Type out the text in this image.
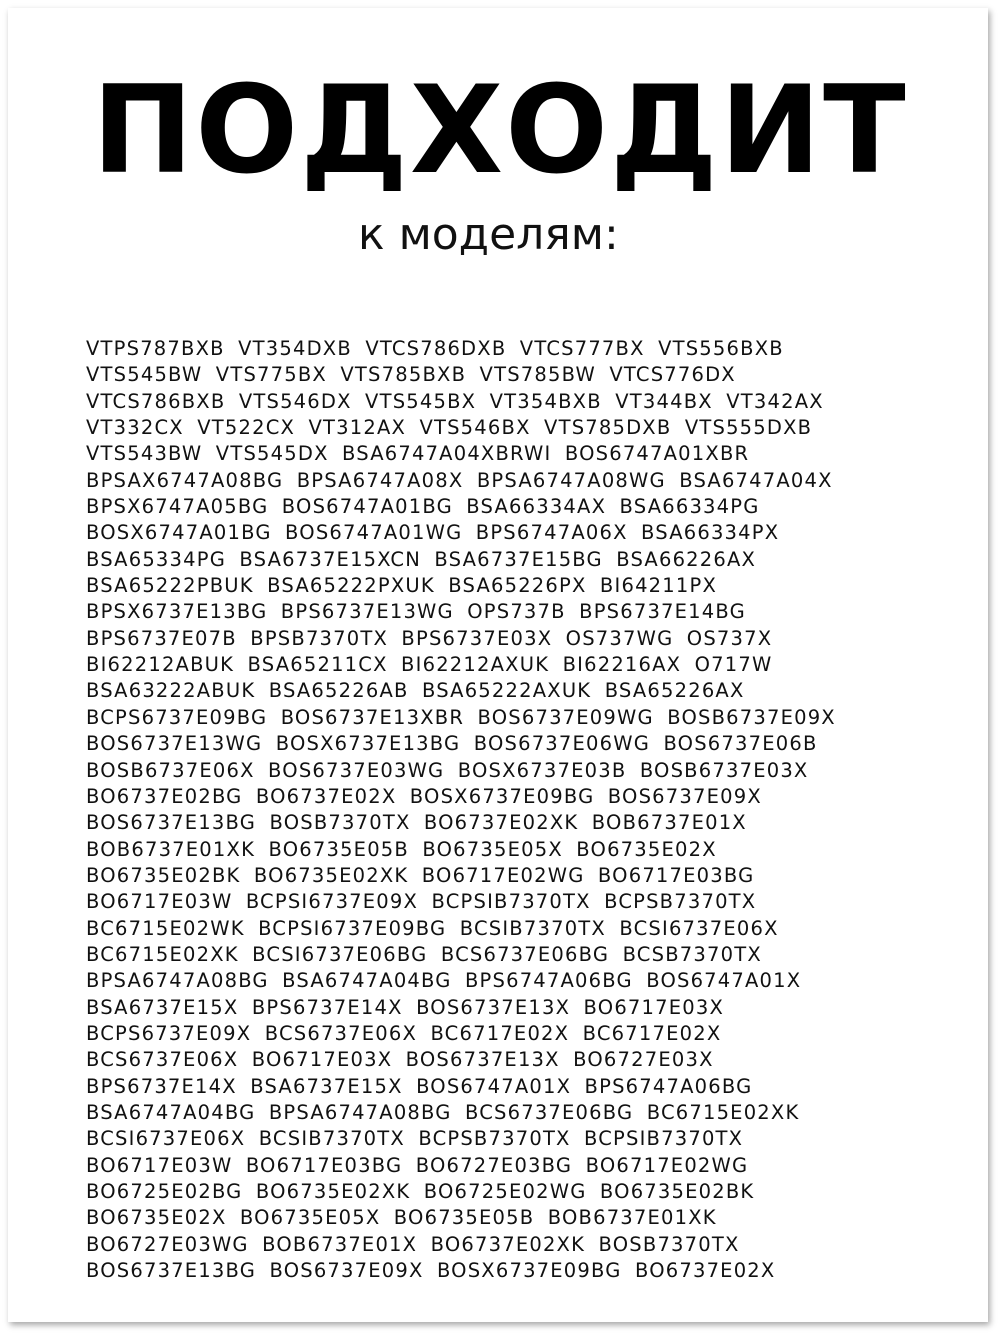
ПОДХОДИТ
к моделям:
VTPS787BXB VT354DXB VTCS786DXB VTCS777BX VTS556BXB
VTS545BW VTS775BX VTS785BXB VTS785BW VTCS776DX
VTCS786BXB VTS546DX VTS545BX VT354BXB VT344BX VT342AX
VT332CX VT522CX VT312AX VTS546BX VTS785DXB VTS555DXB
VTS543BW VTS545DX BSA6747A04XBRWI BOS6747A01XBR
BPSAX6747A08BG BPSA6747A08X BPSA6747A08WG BSA6747A04X
BPSX6747A05BG BOS6747A01BG BSA66334AX BSA66334PG
BOSX6747A01BG BOS6747A01WG BPS6747A06X BSA66334PX
BSA65334PG BSA6737E15XCN BSA6737E15BG BSA66226AX
BSA65222PBUK BSA65222PXUK BSA65226PX BI64211PX
BPSX6737E13BG BPS6737E13WG OPS737B BPS6737E14BG
BPS6737E07B BPSB7370TX BPS6737E03X OS737WG OS737X
BI62212ABUK BSA65211CX BI62212AXUK BI62216AX O717W
BSA63222ABUK BSA65226AB BSA65222AXUK BSA65226AX
BCPS6737E09BG BOS6737E13XBR BOS6737E09WG BOSB6737E09X
BOS6737E13WG BOSX6737E13BG BOS6737E06WG BOS6737E06B
BOSB6737E06X BOS6737E03WG BOSX6737E03B BOSB6737E03X
BO6737E02BG BO6737E02X BOSX6737E09BG BOS6737E09X
BOS6737E13BG BOSB7370TX BO6737E02XK BOB6737E01X
BOB6737E01XK BO6735E05B BO6735E05X BO6735E02X
BO6735E02BK BO6735E02XK BO6717E02WG BO6717E03BG
BO6717E03W BCPSI6737E09X BCPSIB7370TX BCPSB7370TX
BC6715E02WK BCPSI6737E09BG BCSIB7370TX BCSI6737E06X
BC6715E02XK BCSI6737E06BG BCS6737E06BG BCSB7370TX
BPSA6747A08BG BSA6747A04BG BPS6747A06BG BOS6747A01X
BSA6737E15X BPS6737E14X BOS6737E13X BO6717E03X
BCPS6737E09X BCS6737E06X BC6717E02X BC6717E02X
BCS6737E06X BO6717E03X BOS6737E13X BO6727E03X
BPS6737E14X BSA6737E15X BOS6747A01X BPS6747A06BG
BSA6747A04BG BPSA6747A08BG BCS6737E06BG BC6715E02XK
BCSI6737E06X BCSIB7370TX BCPSB7370TX BCPSIB7370TX
BO6717E03W BO6717E03BG BO6727E03BG BO6717E02WG
BO6725E02BG BO6735E02XK BO6725E02WG BO6735E02BK
BO6735E02X BO6735E05X BO6735E05B BOB6737E01XK
BO6727E03WG BOB6737E01X BO6737E02XK BOSB7370TX
BOS6737E13BG BOS6737E09X BOSX6737E09BG BO6737E02X
